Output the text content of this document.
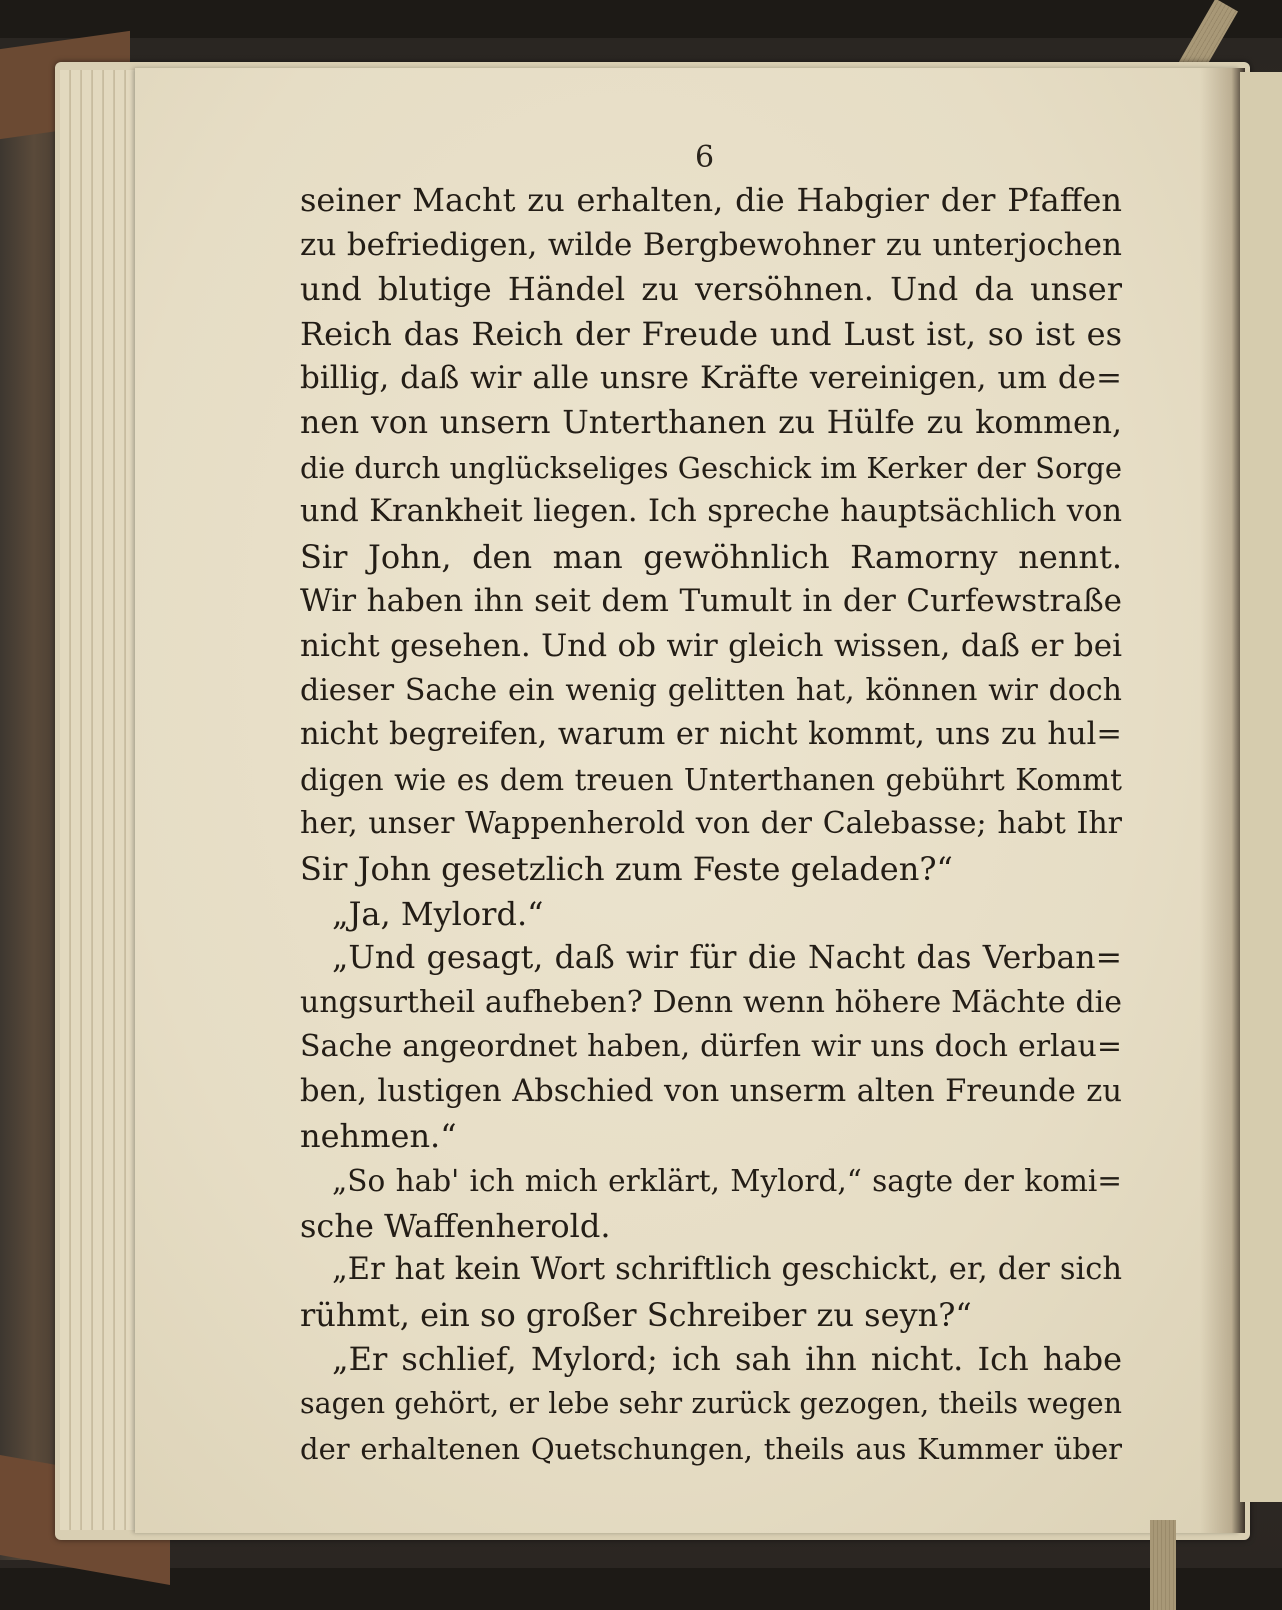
6
seiner Macht zu erhalten, die Habgier der Pfaffen
zu befriedigen, wilde Bergbewohner zu unterjochen
und blutige Händel zu versöhnen. Und da unser
Reich das Reich der Freude und Lust ist, so ist es
billig, daß wir alle unsre Kräfte vereinigen, um de=
nen von unsern Unterthanen zu Hülfe zu kommen,
die durch unglückseliges Geschick im Kerker der Sorge
und Krankheit liegen. Ich spreche hauptsächlich von
Sir John, den man gewöhnlich Ramorny nennt.
Wir haben ihn seit dem Tumult in der Curfewstraße
nicht gesehen. Und ob wir gleich wissen, daß er bei
dieser Sache ein wenig gelitten hat, können wir doch
nicht begreifen, warum er nicht kommt, uns zu hul=
digen wie es dem treuen Unterthanen gebührt Kommt
her, unser Wappenherold von der Calebasse; habt Ihr
Sir John gesetzlich zum Feste geladen?“
„Ja, Mylord.“
„Und gesagt, daß wir für die Nacht das Verban=
ungsurtheil aufheben? Denn wenn höhere Mächte die
Sache angeordnet haben, dürfen wir uns doch erlau=
ben, lustigen Abschied von unserm alten Freunde zu
nehmen.“
„So hab' ich mich erklärt, Mylord,“ sagte der komi=
sche Waffenherold.
„Er hat kein Wort schriftlich geschickt, er, der sich
rühmt, ein so großer Schreiber zu seyn?“
„Er schlief, Mylord; ich sah ihn nicht. Ich habe
sagen gehört, er lebe sehr zurück gezogen, theils wegen
der erhaltenen Quetschungen, theils aus Kummer über
